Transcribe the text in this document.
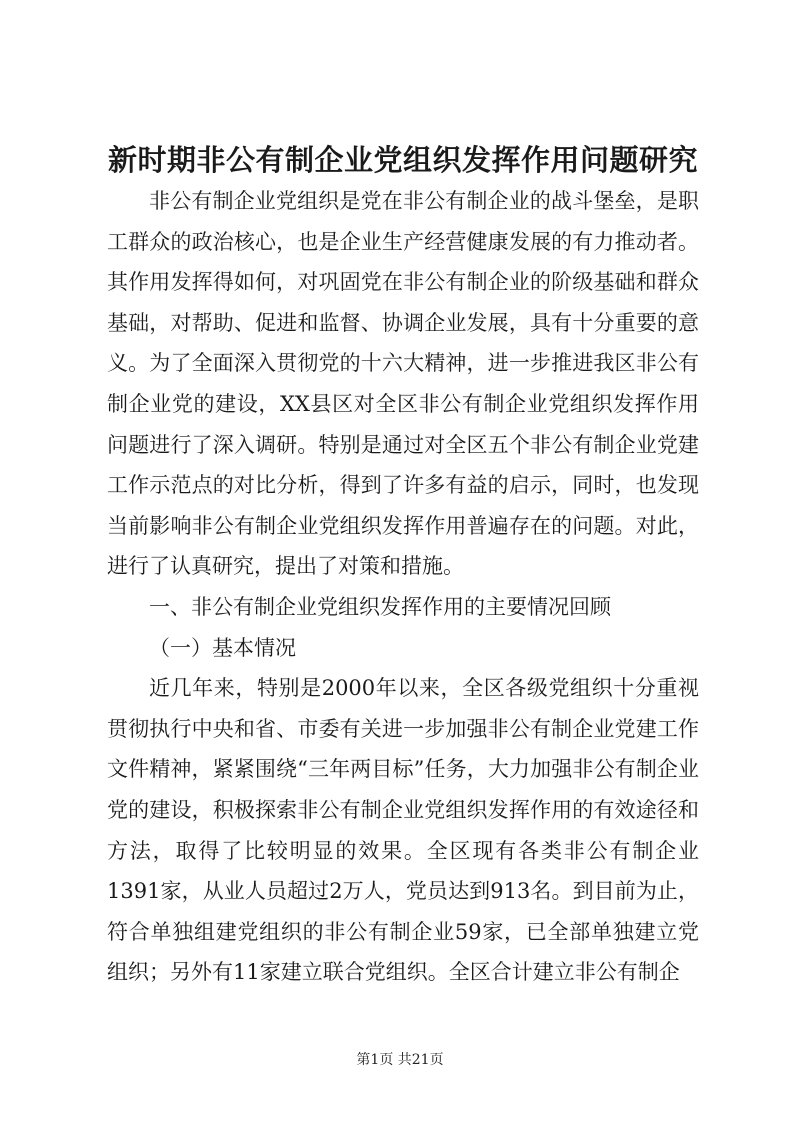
新时期非公有制企业党组织发挥作用问题研究

非公有制企业党组织是党在非公有制企业的战斗堡垒，是职工群众的政治核心，也是企业生产经营健康发展的有力推动者。其作用发挥得如何，对巩固党在非公有制企业的阶级基础和群众基础，对帮助、促进和监督、协调企业发展，具有十分重要的意义。为了全面深入贯彻党的十六大精神，进一步推进我区非公有制企业党的建设，XX县区对全区非公有制企业党组织发挥作用问题进行了深入调研。特别是通过对全区五个非公有制企业党建工作示范点的对比分析，得到了许多有益的启示，同时，也发现当前影响非公有制企业党组织发挥作用普遍存在的问题。对此，进行了认真研究，提出了对策和措施。

一、非公有制企业党组织发挥作用的主要情况回顾

（一）基本情况

近几年来，特别是2000年以来，全区各级党组织十分重视贯彻执行中央和省、市委有关进一步加强非公有制企业党建工作文件精神，紧紧围绕“三年两目标”任务，大力加强非公有制企业党的建设，积极探索非公有制企业党组织发挥作用的有效途径和方法，取得了比较明显的效果。全区现有各类非公有制企业1391家，从业人员超过2万人，党员达到913名。到目前为止，符合单独组建党组织的非公有制企业59家，已全部单独建立党组织；另外有11家建立联合党组织。全区合计建立非公有制企

第1页 共21页
